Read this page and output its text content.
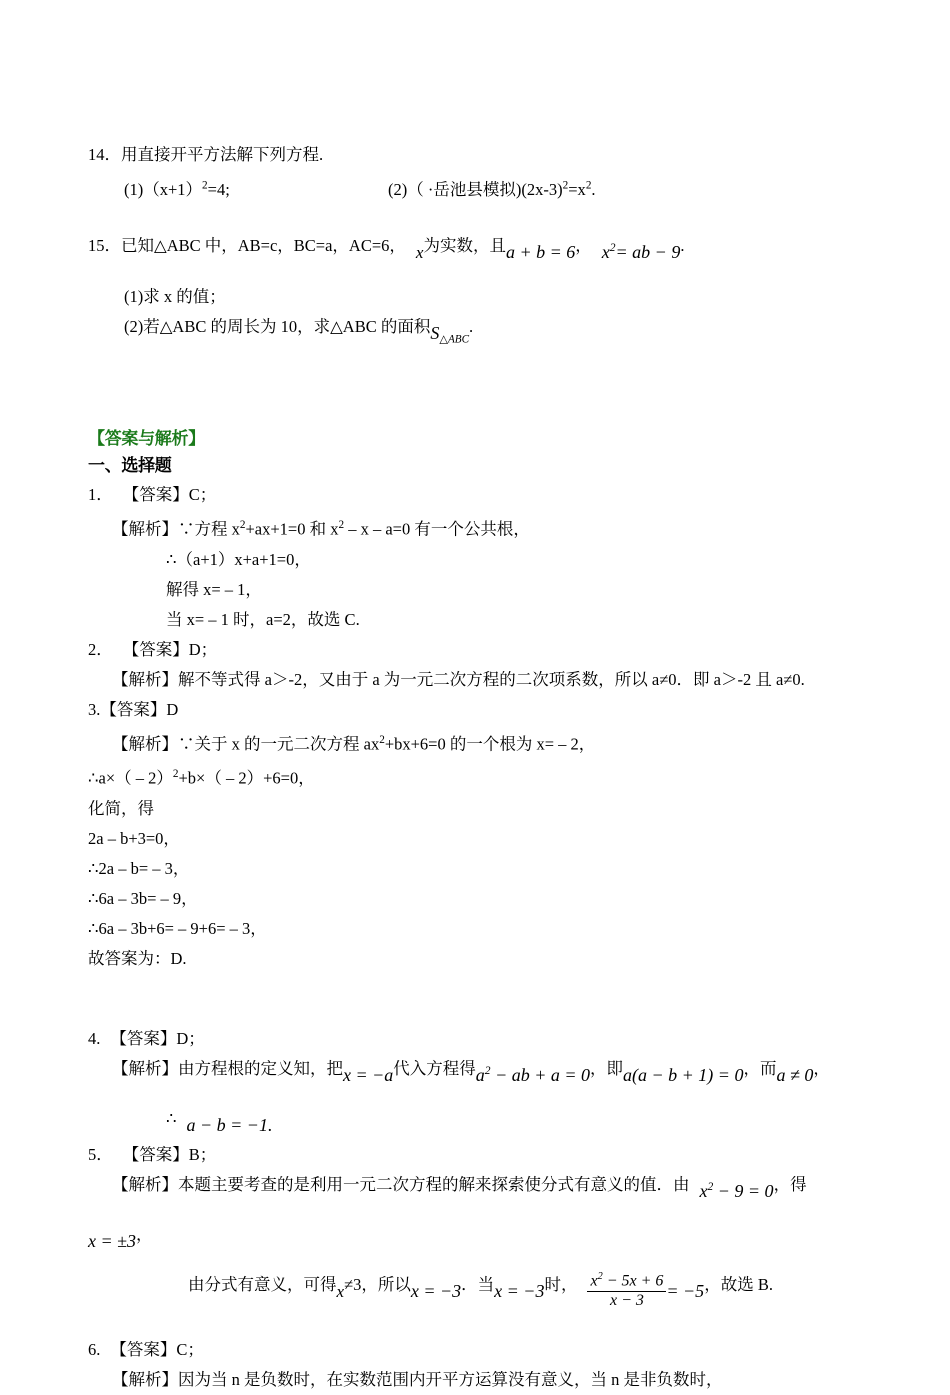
14．用直接开平方法解下列方程.
$(1)(x+1)^2=4$;	(2)（ ·岳池县模拟)$(2x-3)^2=x^2$.
15．已知△ABC 中，AB=c，BC=a，AC=6， x为实数，且a + b = 6， $x^2=$ ab − 9.
(1)求 x 的值；
(2)若△ABC 的周长为 10，求△ABC 的面积$S_{\triangle ABC}$.
【答案与解析】
一、选择题
1． 【答案】C；
【解析】∵方程 $x^2+ax+1=0$ 和 $x^2 - x - a=0$ 有一个公共根，
∴（a+1）x+a+1=0，
解得 x= – 1，
当 x= – 1 时，a=2，故选 C.
2． 【答案】D；
【解析】解不等式得 a＞-2，又由于 a 为一元二次方程的二次项系数，所以 a≠0．即 a＞-2 且 a≠0.
3.【答案】D
【解析】∵关于 x 的一元二次方程 $ax^2+bx+6=0$ 的一个根为 x= – 2，
∴a×（ – 2）$^2$+b×（ – 2）+6=0，
化简，得
2a – b+3=0，
∴2a – b= – 3，
∴6a – 3b= – 9，
∴6a – 3b+6= – 9+6= – 3，
故答案为：D.
4. 【答案】D；
【解析】由方程根的定义知，把x = −a代入方程得$a^2$ − ab + a = 0，即a(a − b + 1) = 0，而a ≠ 0，
∴ a − b = −1.
5． 【答案】B；
【解析】本题主要考查的是利用一元二次方程的解来探索使分式有意义的值．由 $x^2 - 9 = 0$，得
x = ±3，
由分式有意义，可得x≠3，所以x = −3．当x = −3时， $\frac{x^2 - 5x + 6}{x - 3} = -5$，故选 B.
6. 【答案】C；
【解析】因为当 n 是负数时，在实数范围内开平方运算没有意义，当 n 是非负数时，
